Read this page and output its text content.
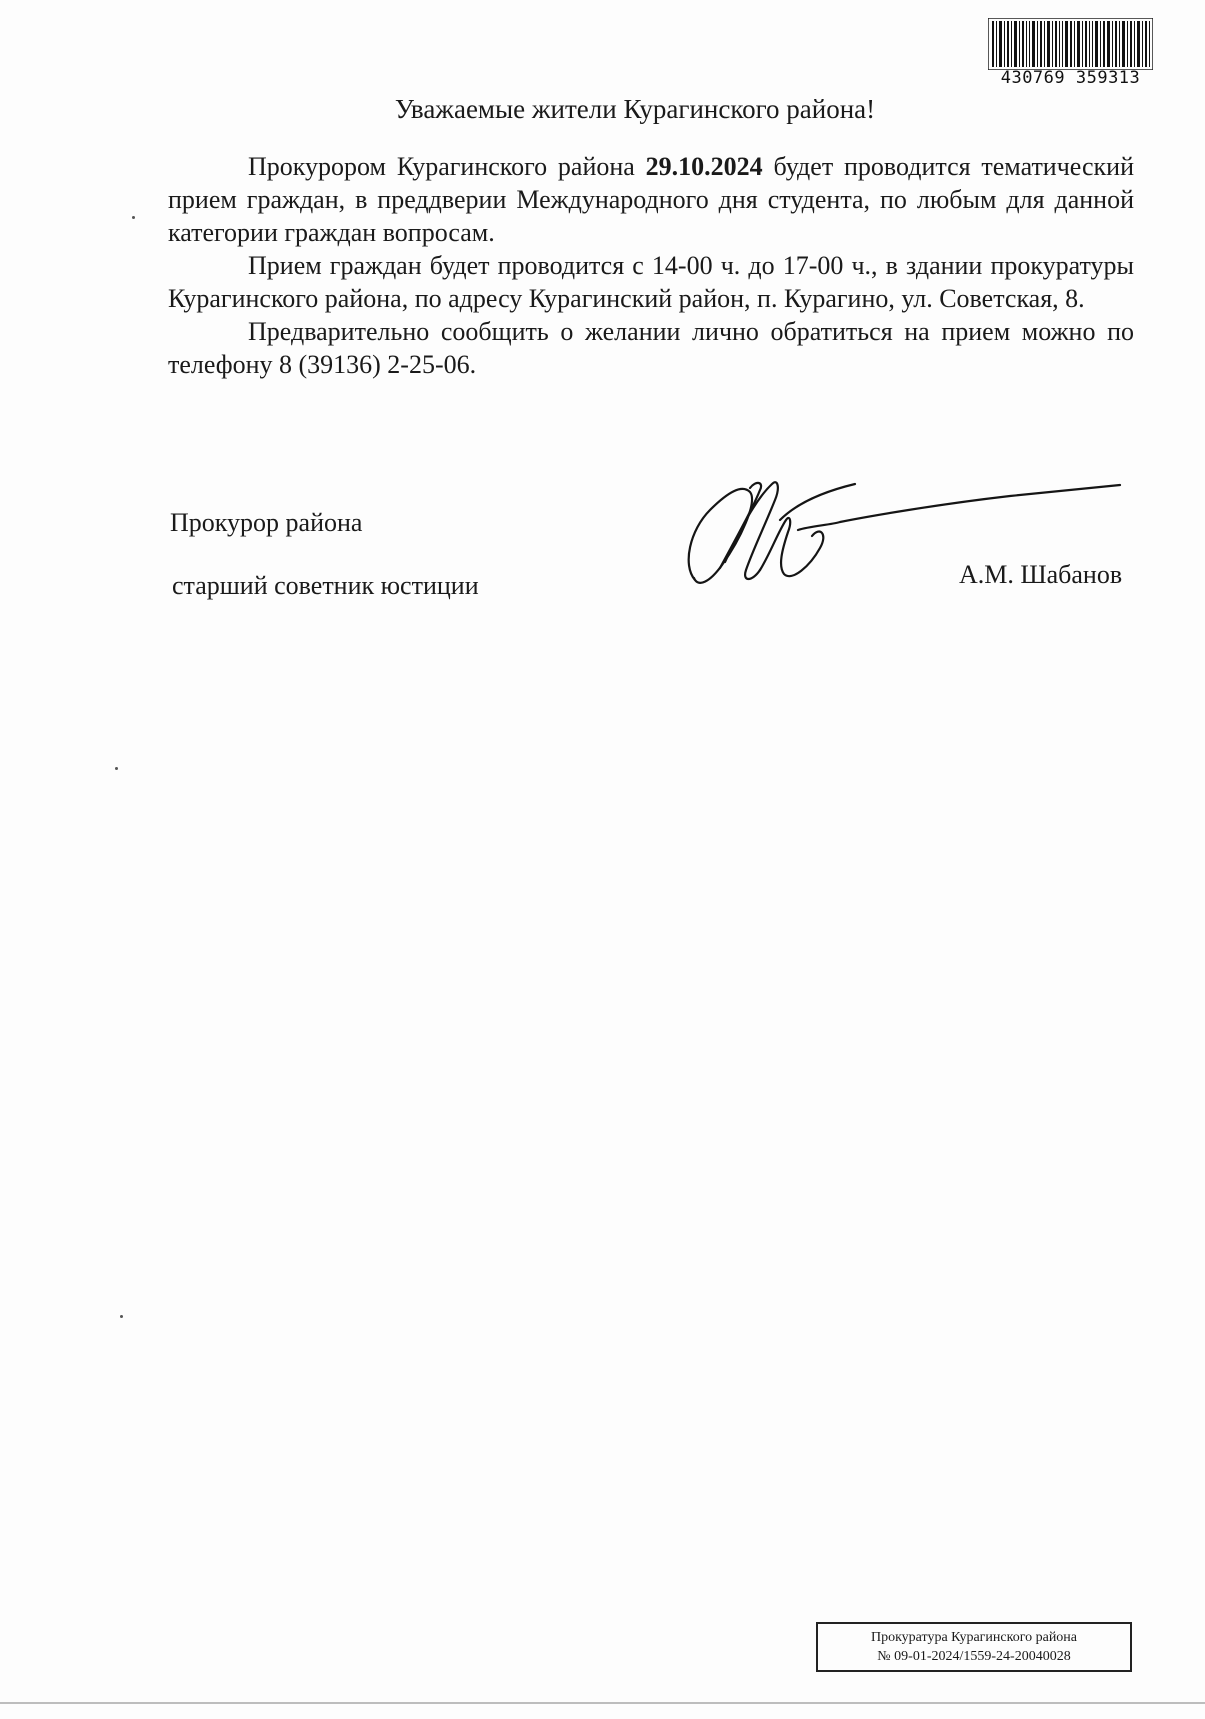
430769 359313
Уважаемые жители Курагинского района!

Прокурором Курагинского района 29.10.2024 будет проводится тематический прием граждан, в преддверии Международного дня студента, по любым для данной категории граждан вопросам.

Прием граждан будет проводится с 14-00 ч. до 17-00 ч., в здании прокуратуры Курагинского района, по адресу Курагинский район, п. Курагино, ул. Советская, 8.

Предварительно сообщить о желании лично обратиться на прием можно по телефону 8 (39136) 2-25-06.

Прокурор района
старший советник юстиции	А.М. Шабанов
Прокуратура Курагинского района
№ 09-01-2024/1559-24-20040028
